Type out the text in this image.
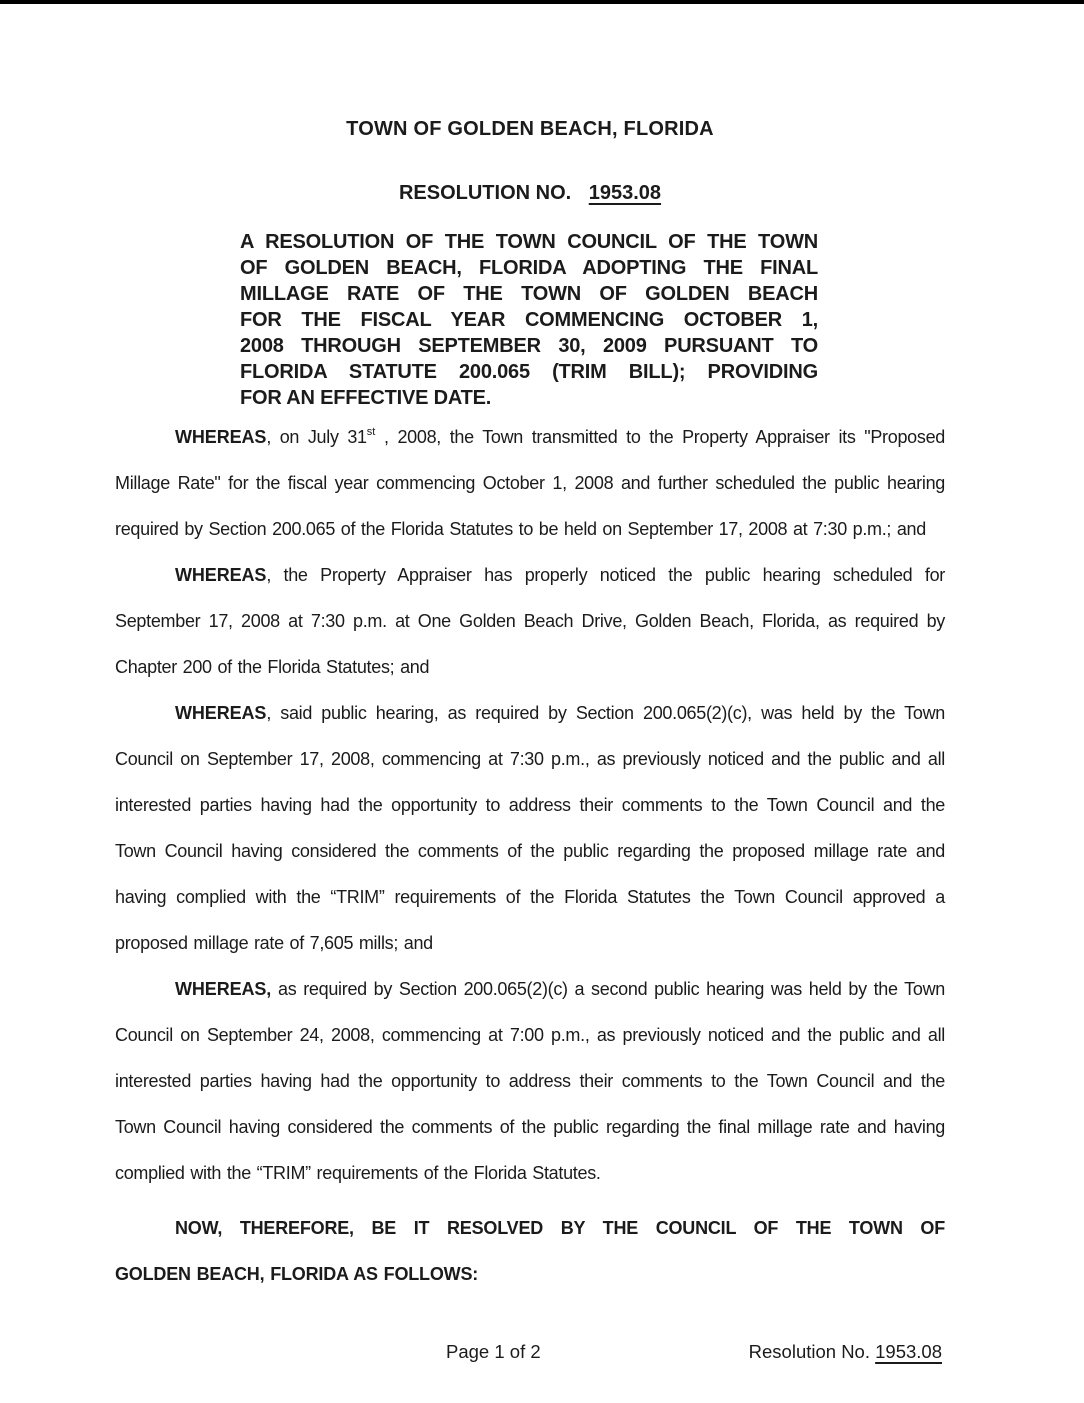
TOWN OF GOLDEN BEACH, FLORIDA
RESOLUTION NO. 1953.08
A RESOLUTION OF THE TOWN COUNCIL OF THE TOWN
OF GOLDEN BEACH, FLORIDA ADOPTING THE FINAL
MILLAGE RATE OF THE TOWN OF GOLDEN BEACH
FOR THE FISCAL YEAR COMMENCING OCTOBER 1,
2008 THROUGH SEPTEMBER 30, 2009 PURSUANT TO
FLORIDA STATUTE 200.065 (TRIM BILL); PROVIDING
FOR AN EFFECTIVE DATE.

WHEREAS, on July 31st , 2008, the Town transmitted to the Property Appraiser its "Proposed Millage Rate" for the fiscal year commencing October 1, 2008 and further scheduled the public hearing required by Section 200.065 of the Florida Statutes to be held on September 17, 2008 at 7:30 p.m.; and

WHEREAS, the Property Appraiser has properly noticed the public hearing scheduled for September 17, 2008 at 7:30 p.m. at One Golden Beach Drive, Golden Beach, Florida, as required by Chapter 200 of the Florida Statutes; and

WHEREAS, said public hearing, as required by Section 200.065(2)(c), was held by the Town Council on September 17, 2008, commencing at 7:30 p.m., as previously noticed and the public and all interested parties having had the opportunity to address their comments to the Town Council and the Town Council having considered the comments of the public regarding the proposed millage rate and having complied with the “TRIM” requirements of the Florida Statutes the Town Council approved a proposed millage rate of 7,605 mills; and

WHEREAS, as required by Section 200.065(2)(c) a second public hearing was held by the Town Council on September 24, 2008, commencing at 7:00 p.m., as previously noticed and the public and all interested parties having had the opportunity to address their comments to the Town Council and the Town Council having considered the comments of the public regarding the final millage rate and having complied with the “TRIM” requirements of the Florida Statutes.

NOW, THEREFORE, BE IT RESOLVED BY THE COUNCIL OF THE TOWN OF
GOLDEN BEACH, FLORIDA AS FOLLOWS:
Page 1 of 2	Resolution No. 1953.08
